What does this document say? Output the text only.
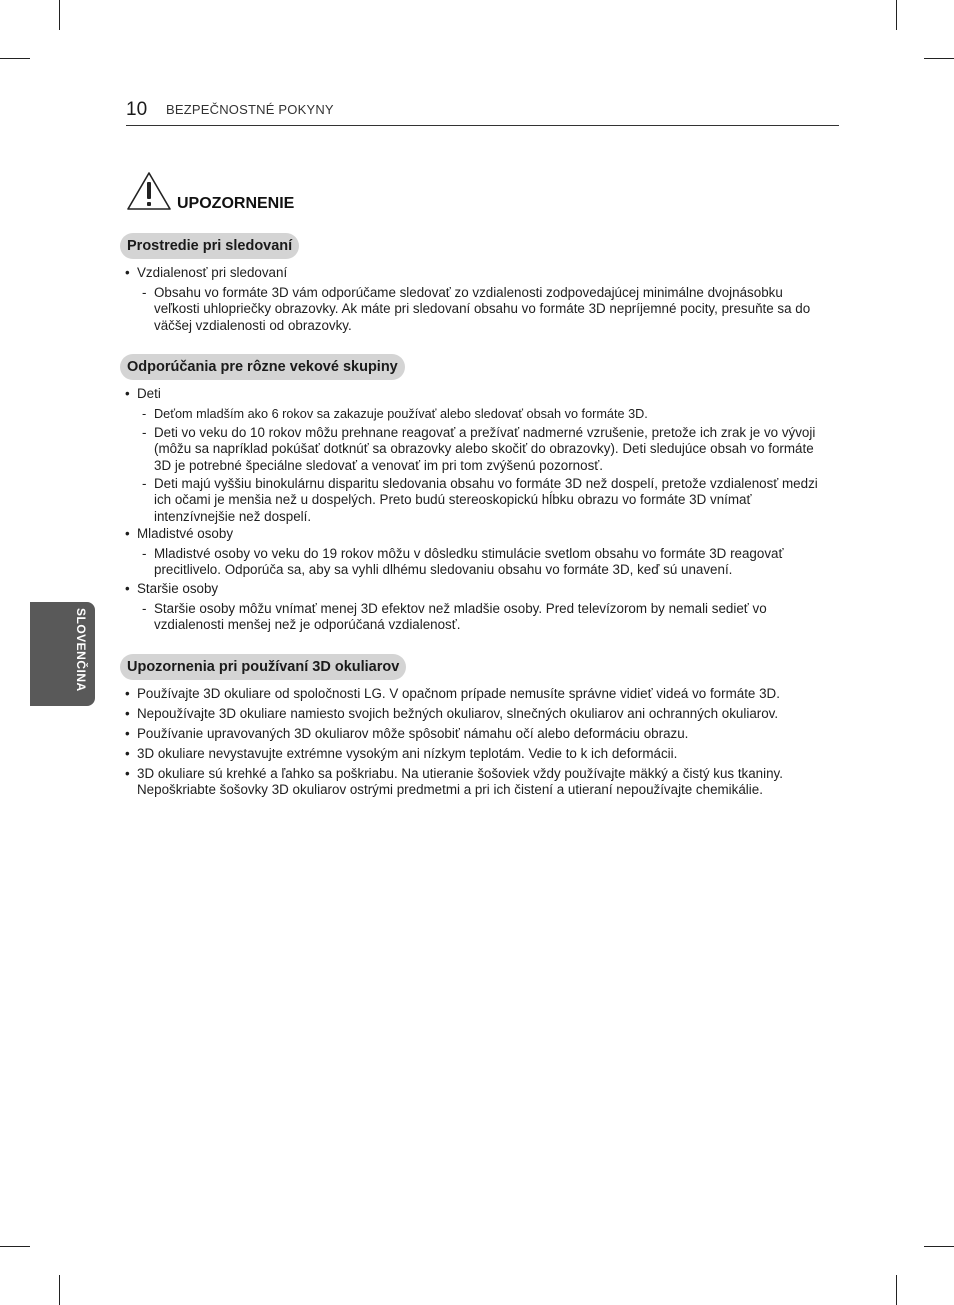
10 BEZPEČNOSTNÉ POKYNY
SLOVENČINA
UPOZORNENIE
Prostredie pri sledovaní
• Vzdialenosť pri sledovaní
- Obsahu vo formáte 3D vám odporúčame sledovať zo vzdialenosti zodpovedajúcej minimálne dvojnásobku veľkosti uhlopriečky obrazovky. Ak máte pri sledovaní obsahu vo formáte 3D nepríjemné pocity, presuňte sa do väčšej vzdialenosti od obrazovky.
Odporúčania pre rôzne vekové skupiny
• Deti
- Deťom mladším ako 6 rokov sa zakazuje používať alebo sledovať obsah vo formáte 3D.
- Deti vo veku do 10 rokov môžu prehnane reagovať a prežívať nadmerné vzrušenie, pretože ich zrak je vo vývoji (môžu sa napríklad pokúšať dotknúť sa obrazovky alebo skočiť do obrazovky). Deti sledujúce obsah vo formáte 3D je potrebné špeciálne sledovať a venovať im pri tom zvýšenú pozornosť.
- Deti majú vyššiu binokulárnu disparitu sledovania obsahu vo formáte 3D než dospelí, pretože vzdialenosť medzi ich očami je menšia než u dospelých. Preto budú stereoskopickú hĺbku obrazu vo formáte 3D vnímať intenzívnejšie než dospelí.
• Mladistvé osoby
- Mladistvé osoby vo veku do 19 rokov môžu v dôsledku stimulácie svetlom obsahu vo formáte 3D reagovať precitlivelo. Odporúča sa, aby sa vyhli dlhému sledovaniu obsahu vo formáte 3D, keď sú unavení.
• Staršie osoby
- Staršie osoby môžu vnímať menej 3D efektov než mladšie osoby. Pred televízorom by nemali sedieť vo vzdialenosti menšej než je odporúčaná vzdialenosť.
Upozornenia pri používaní 3D okuliarov
• Používajte 3D okuliare od spoločnosti LG. V opačnom prípade nemusíte správne vidieť videá vo formáte 3D.
• Nepoužívajte 3D okuliare namiesto svojich bežných okuliarov, slnečných okuliarov ani ochranných okuliarov.
• Používanie upravovaných 3D okuliarov môže spôsobiť námahu očí alebo deformáciu obrazu.
• 3D okuliare nevystavujte extrémne vysokým ani nízkym teplotám. Vedie to k ich deformácii.
• 3D okuliare sú krehké a ľahko sa poškriabu. Na utieranie šošoviek vždy používajte mäkký a čistý kus tkaniny. Nepoškriabte šošovky 3D okuliarov ostrými predmetmi a pri ich čistení a utieraní nepoužívajte chemikálie.
